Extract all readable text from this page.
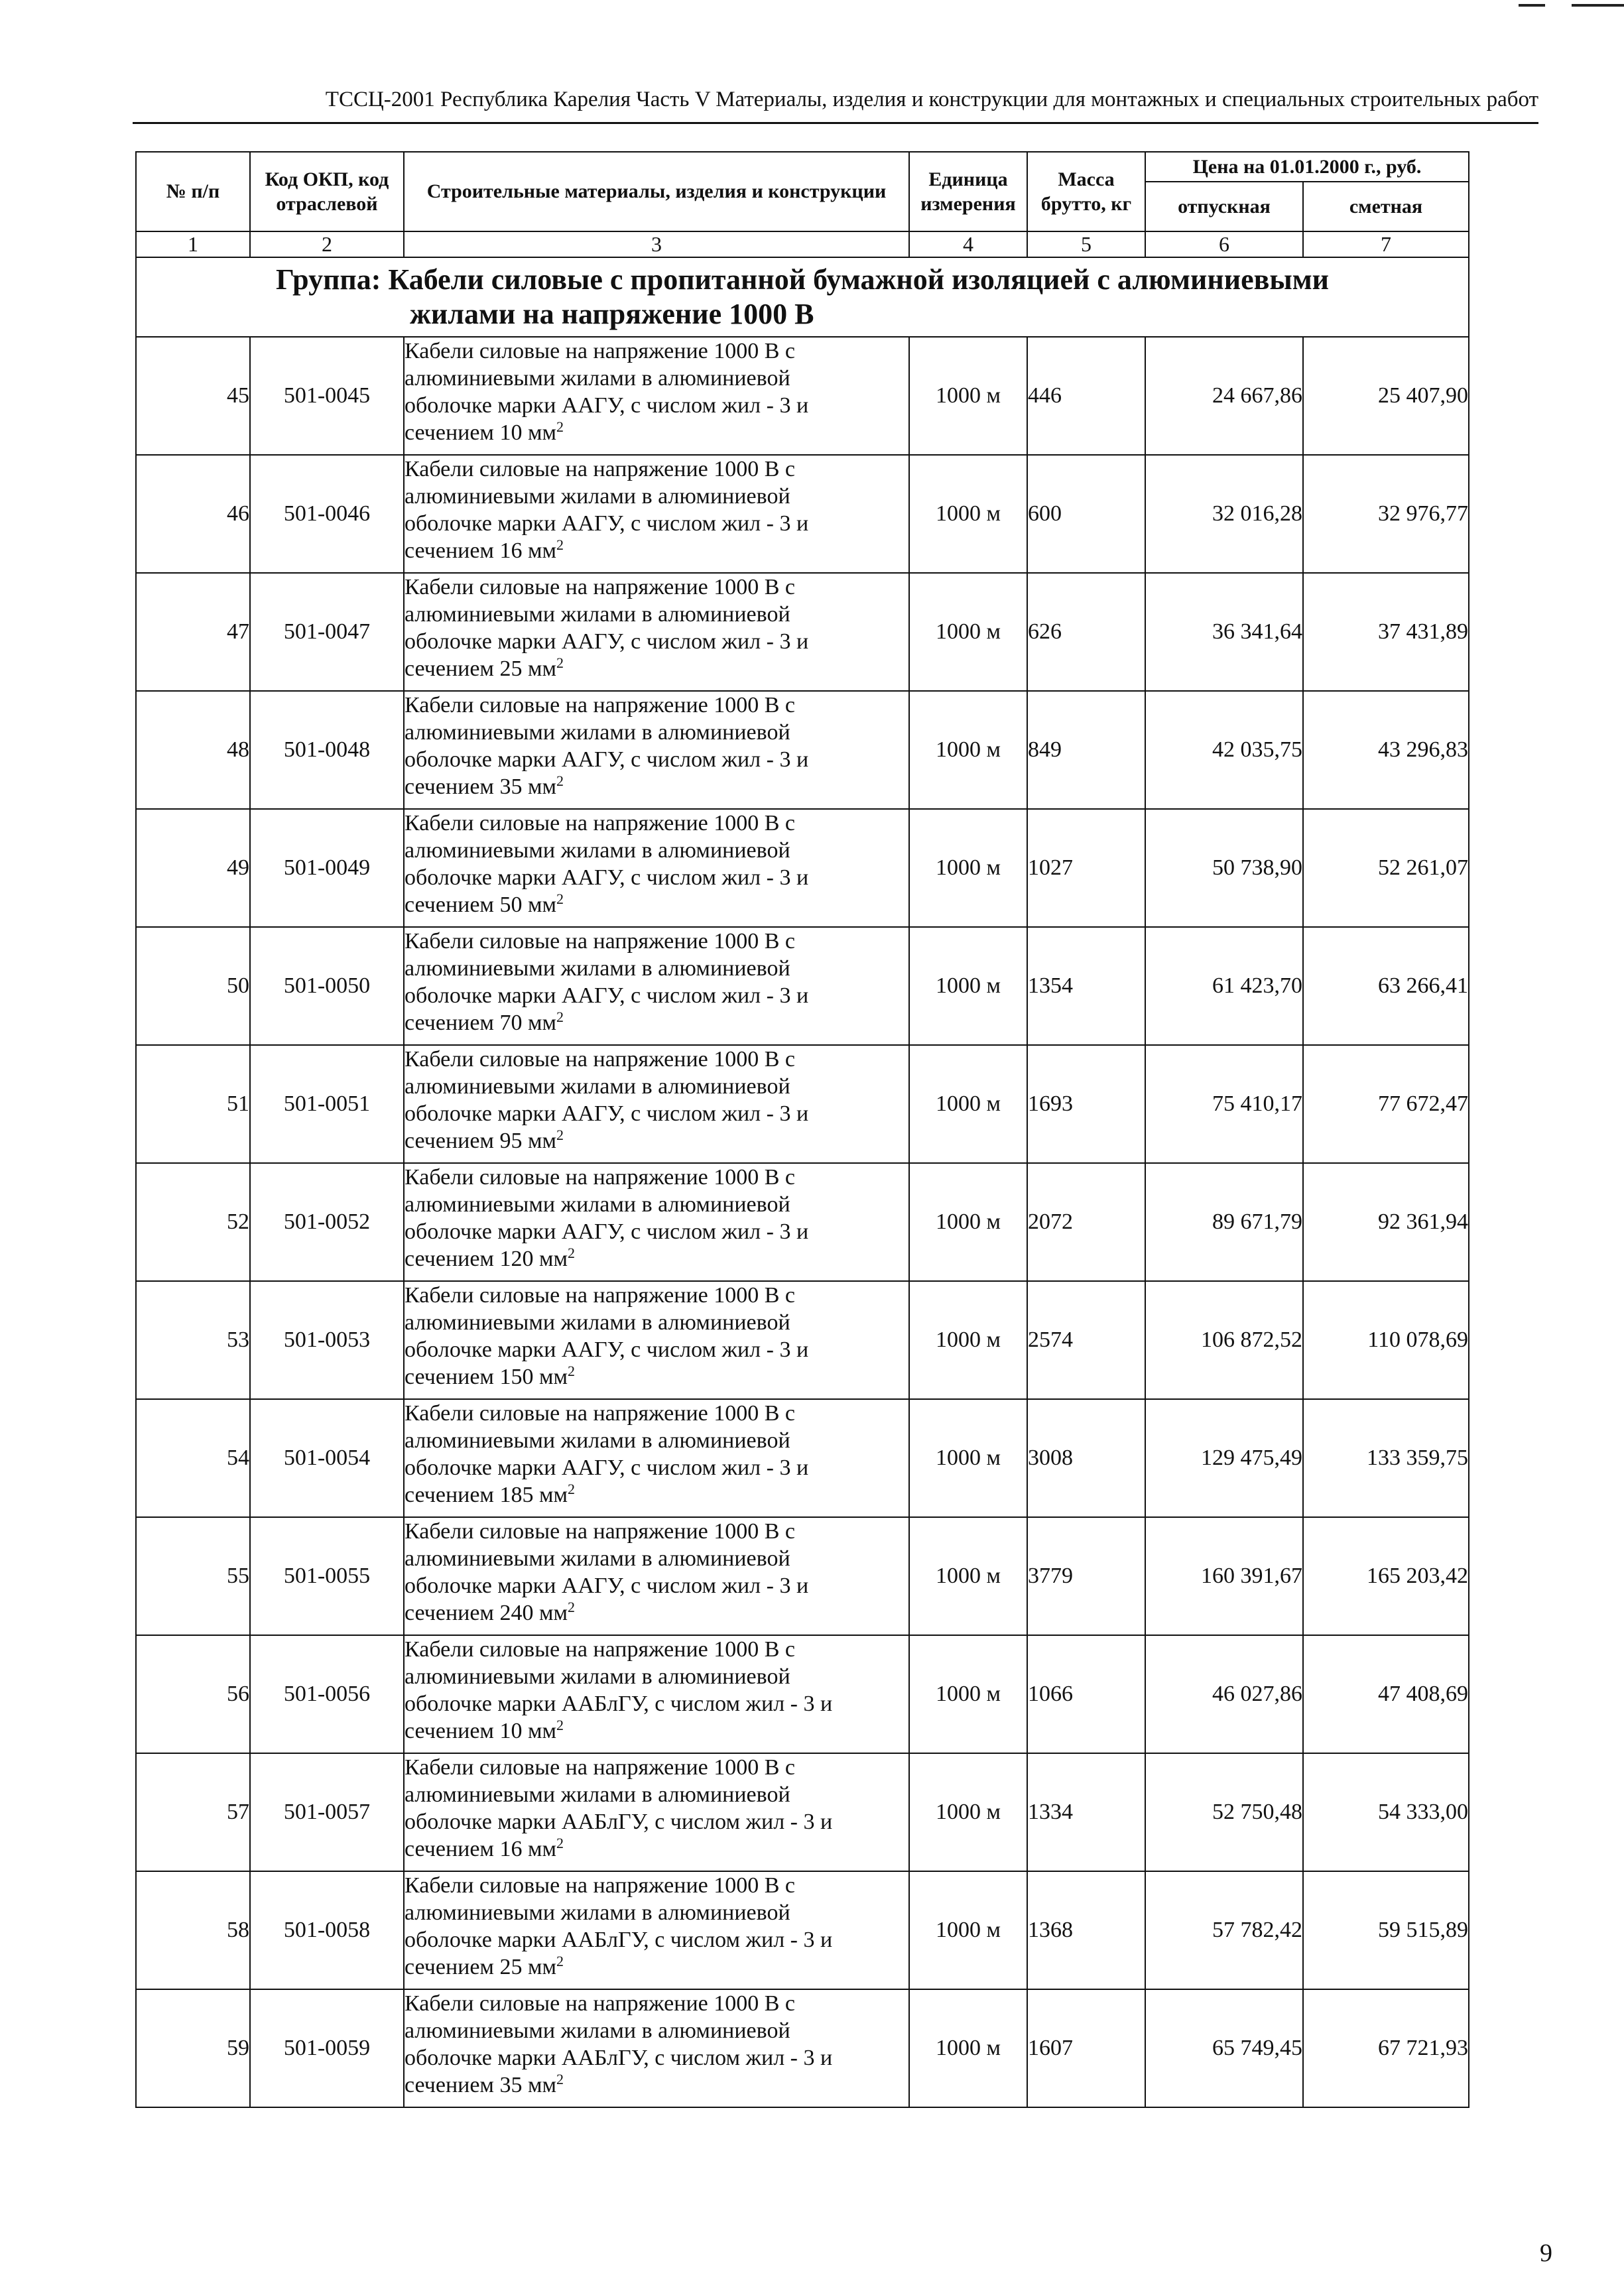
ТССЦ-2001 Республика Карелия Часть V Материалы, изделия и конструкции для монтажных и специальных строительных работ
№ п/п	Код ОКП, код отраслевой	Строительные материалы, изделия и конструкции	Единица измерения	Масса брутто, кг	Цена на 01.01.2000 г., руб.	
					отпускная	сметная
1	2	3	4	5	6	7
Группа: Кабели силовые с пропитанной бумажной изоляцией с алюминиевыми
жилами на напряжение 1000 В						

45	501-0045	Кабели силовые на напряжение 1000 В с
алюминиевыми жилами в алюминиевой
оболочке марки ААГУ, с числом жил - 3 и
сечением 10 $мм^2$	1000 м	446	24 667,86	25 407,90
46	501-0046	Кабели силовые на напряжение 1000 В с
алюминиевыми жилами в алюминиевой
оболочке марки ААГУ, с числом жил - 3 и
сечением 16 $мм^2$	1000 м	600	32 016,28	32 976,77
47	501-0047	Кабели силовые на напряжение 1000 В с
алюминиевыми жилами в алюминиевой
оболочке марки ААГУ, с числом жил - 3 и
сечением 25 $мм^2$	1000 м	626	36 341,64	37 431,89
48	501-0048	Кабели силовые на напряжение 1000 В с
алюминиевыми жилами в алюминиевой
оболочке марки ААГУ, с числом жил - 3 и
сечением 35 $мм^2$	1000 м	849	42 035,75	43 296,83
49	501-0049	Кабели силовые на напряжение 1000 В с
алюминиевыми жилами в алюминиевой
оболочке марки ААГУ, с числом жил - 3 и
сечением 50 $мм^2$	1000 м	1027	50 738,90	52 261,07
50	501-0050	Кабели силовые на напряжение 1000 В с
алюминиевыми жилами в алюминиевой
оболочке марки ААГУ, с числом жил - 3 и
сечением 70 $мм^2$	1000 м	1354	61 423,70	63 266,41
51	501-0051	Кабели силовые на напряжение 1000 В с
алюминиевыми жилами в алюминиевой
оболочке марки ААГУ, с числом жил - 3 и
сечением 95 $мм^2$	1000 м	1693	75 410,17	77 672,47
52	501-0052	Кабели силовые на напряжение 1000 В с
алюминиевыми жилами в алюминиевой
оболочке марки ААГУ, с числом жил - 3 и
сечением 120 $мм^2$	1000 м	2072	89 671,79	92 361,94
53	501-0053	Кабели силовые на напряжение 1000 В с
алюминиевыми жилами в алюминиевой
оболочке марки ААГУ, с числом жил - 3 и
сечением 150 $мм^2$	1000 м	2574	106 872,52	110 078,69
54	501-0054	Кабели силовые на напряжение 1000 В с
алюминиевыми жилами в алюминиевой
оболочке марки ААГУ, с числом жил - 3 и
сечением 185 $мм^2$	1000 м	3008	129 475,49	133 359,75
55	501-0055	Кабели силовые на напряжение 1000 В с
алюминиевыми жилами в алюминиевой
оболочке марки ААГУ, с числом жил - 3 и
сечением 240 $мм^2$	1000 м	3779	160 391,67	165 203,42
56	501-0056	Кабели силовые на напряжение 1000 В с
алюминиевыми жилами в алюминиевой
оболочке марки ААБлГУ, с числом жил - 3 и
сечением 10 $мм^2$	1000 м	1066	46 027,86	47 408,69
57	501-0057	Кабели силовые на напряжение 1000 В с
алюминиевыми жилами в алюминиевой
оболочке марки ААБлГУ, с числом жил - 3 и
сечением 16 $мм^2$	1000 м	1334	52 750,48	54 333,00
58	501-0058	Кабели силовые на напряжение 1000 В с
алюминиевыми жилами в алюминиевой
оболочке марки ААБлГУ, с числом жил - 3 и
сечением 25 $мм^2$	1000 м	1368	57 782,42	59 515,89
59	501-0059	Кабели силовые на напряжение 1000 В с
алюминиевыми жилами в алюминиевой
оболочке марки ААБлГУ, с числом жил - 3 и
сечением 35 $мм^2$	1000 м	1607	65 749,45	67 721,93
9
